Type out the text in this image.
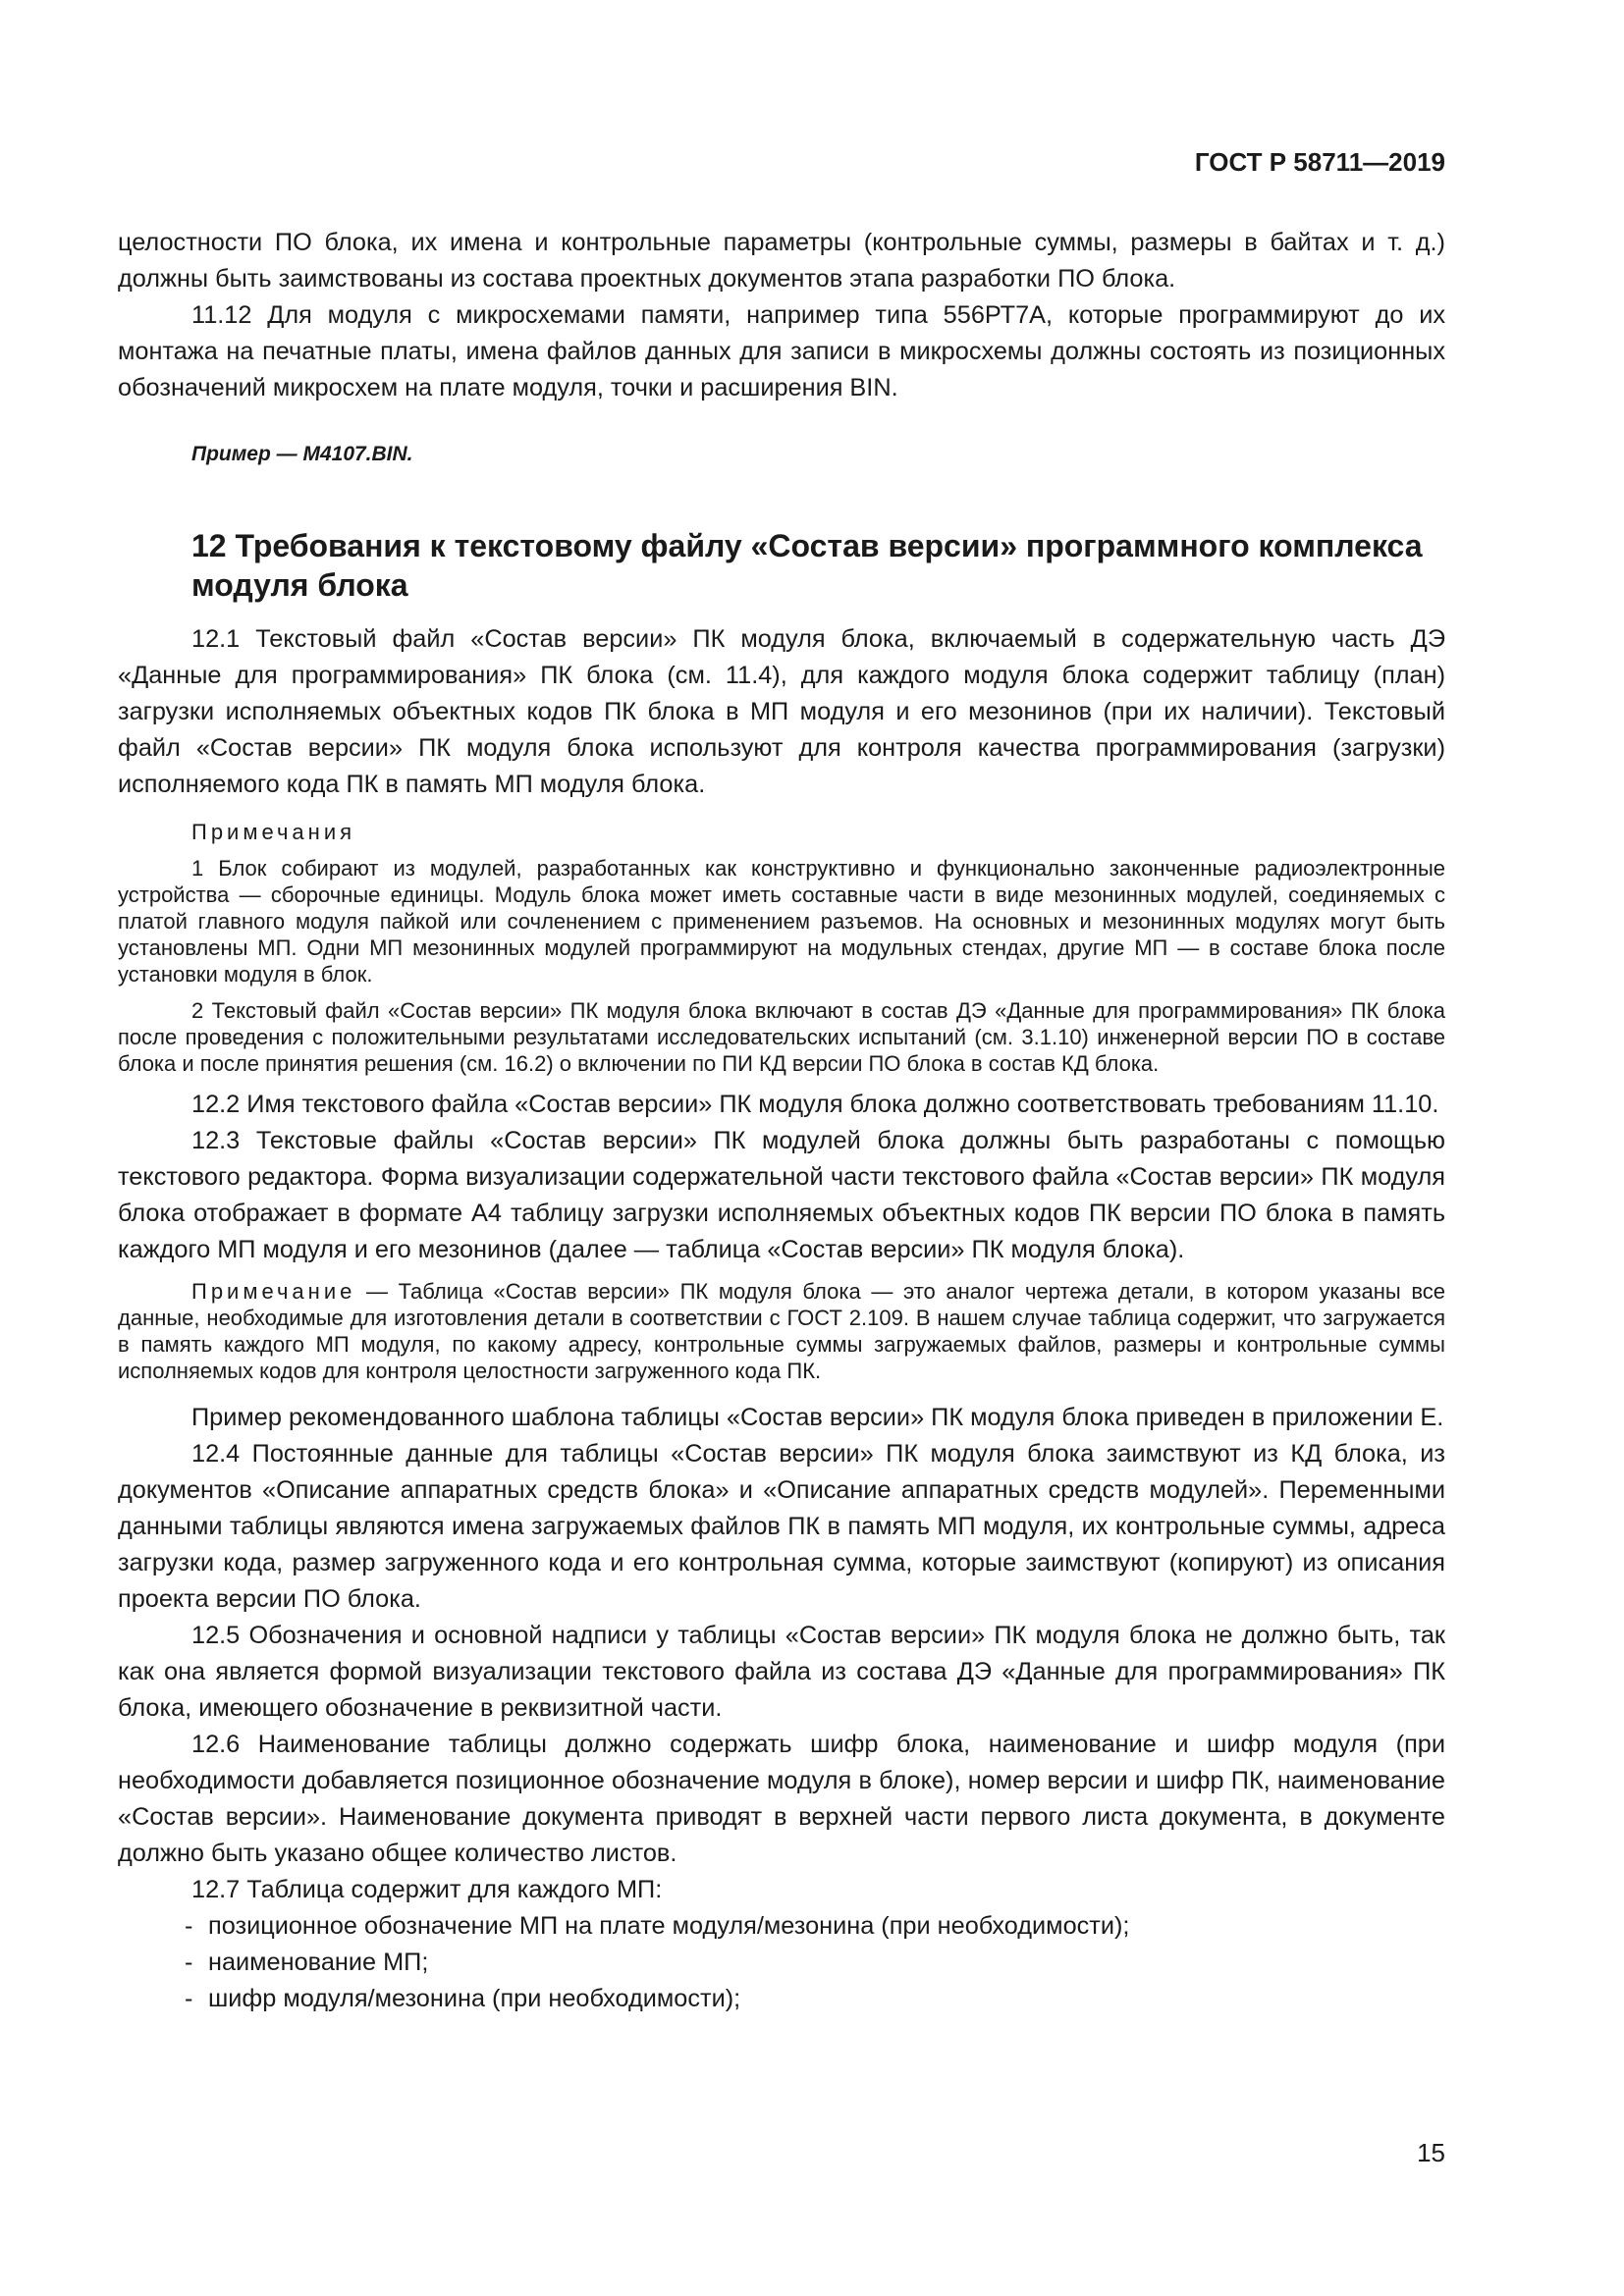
ГОСТ Р 58711—2019

целостности ПО блока, их имена и контрольные параметры (контрольные суммы, размеры в байтах и т. д.) должны быть заимствованы из состава проектных документов этапа разработки ПО блока.

11.12 Для модуля с микросхемами памяти, например типа 556РТ7А, которые программируют до их монтажа на печатные платы, имена файлов данных для записи в микросхемы должны состоять из позиционных обозначений микросхем на плате модуля, точки и расширения BIN.

Пример — M4107.BIN.

12 Требования к текстовому файлу «Состав версии» программного комплекса модуля блока

12.1 Текстовый файл «Состав версии» ПК модуля блока, включаемый в содержательную часть ДЭ «Данные для программирования» ПК блока (см. 11.4), для каждого модуля блока содержит таблицу (план) загрузки исполняемых объектных кодов ПК блока в МП модуля и его мезонинов (при их наличии). Текстовый файл «Состав версии» ПК модуля блока используют для контроля качества программирования (загрузки) исполняемого кода ПК в память МП модуля блока.

Примечания

1 Блок собирают из модулей, разработанных как конструктивно и функционально законченные радиоэлектронные устройства — сборочные единицы. Модуль блока может иметь составные части в виде мезонинных модулей, соединяемых с платой главного модуля пайкой или сочленением с применением разъемов. На основных и мезонинных модулях могут быть установлены МП. Одни МП мезонинных модулей программируют на модульных стендах, другие МП — в составе блока после установки модуля в блок.

2 Текстовый файл «Состав версии» ПК модуля блока включают в состав ДЭ «Данные для программирования» ПК блока после проведения с положительными результатами исследовательских испытаний (см. 3.1.10) инженерной версии ПО в составе блока и после принятия решения (см. 16.2) о включении по ПИ КД версии ПО блока в состав КД блока.

12.2 Имя текстового файла «Состав версии» ПК модуля блока должно соответствовать требованиям 11.10.

12.3 Текстовые файлы «Состав версии» ПК модулей блока должны быть разработаны с помощью текстового редактора. Форма визуализации содержательной части текстового файла «Состав версии» ПК модуля блока отображает в формате А4 таблицу загрузки исполняемых объектных кодов ПК версии ПО блока в память каждого МП модуля и его мезонинов (далее — таблица «Состав версии» ПК модуля блока).

Примечание — Таблица «Состав версии» ПК модуля блока — это аналог чертежа детали, в котором указаны все данные, необходимые для изготовления детали в соответствии с ГОСТ 2.109. В нашем случае таблица содержит, что загружается в память каждого МП модуля, по какому адресу, контрольные суммы загружаемых файлов, размеры и контрольные суммы исполняемых кодов для контроля целостности загруженного кода ПК.

Пример рекомендованного шаблона таблицы «Состав версии» ПК модуля блока приведен в приложении Е.

12.4 Постоянные данные для таблицы «Состав версии» ПК модуля блока заимствуют из КД блока, из документов «Описание аппаратных средств блока» и «Описание аппаратных средств модулей». Переменными данными таблицы являются имена загружаемых файлов ПК в память МП модуля, их контрольные суммы, адреса загрузки кода, размер загруженного кода и его контрольная сумма, которые заимствуют (копируют) из описания проекта версии ПО блока.

12.5 Обозначения и основной надписи у таблицы «Состав версии» ПК модуля блока не должно быть, так как она является формой визуализации текстового файла из состава ДЭ «Данные для программирования» ПК блока, имеющего обозначение в реквизитной части.

12.6 Наименование таблицы должно содержать шифр блока, наименование и шифр модуля (при необходимости добавляется позиционное обозначение модуля в блоке), номер версии и шифр ПК, наименование «Состав версии». Наименование документа приводят в верхней части первого листа документа, в документе должно быть указано общее количество листов.

12.7 Таблица содержит для каждого МП:

- позиционное обозначение МП на плате модуля/мезонина (при необходимости);
- наименование МП;
- шифр модуля/мезонина (при необходимости);
15
